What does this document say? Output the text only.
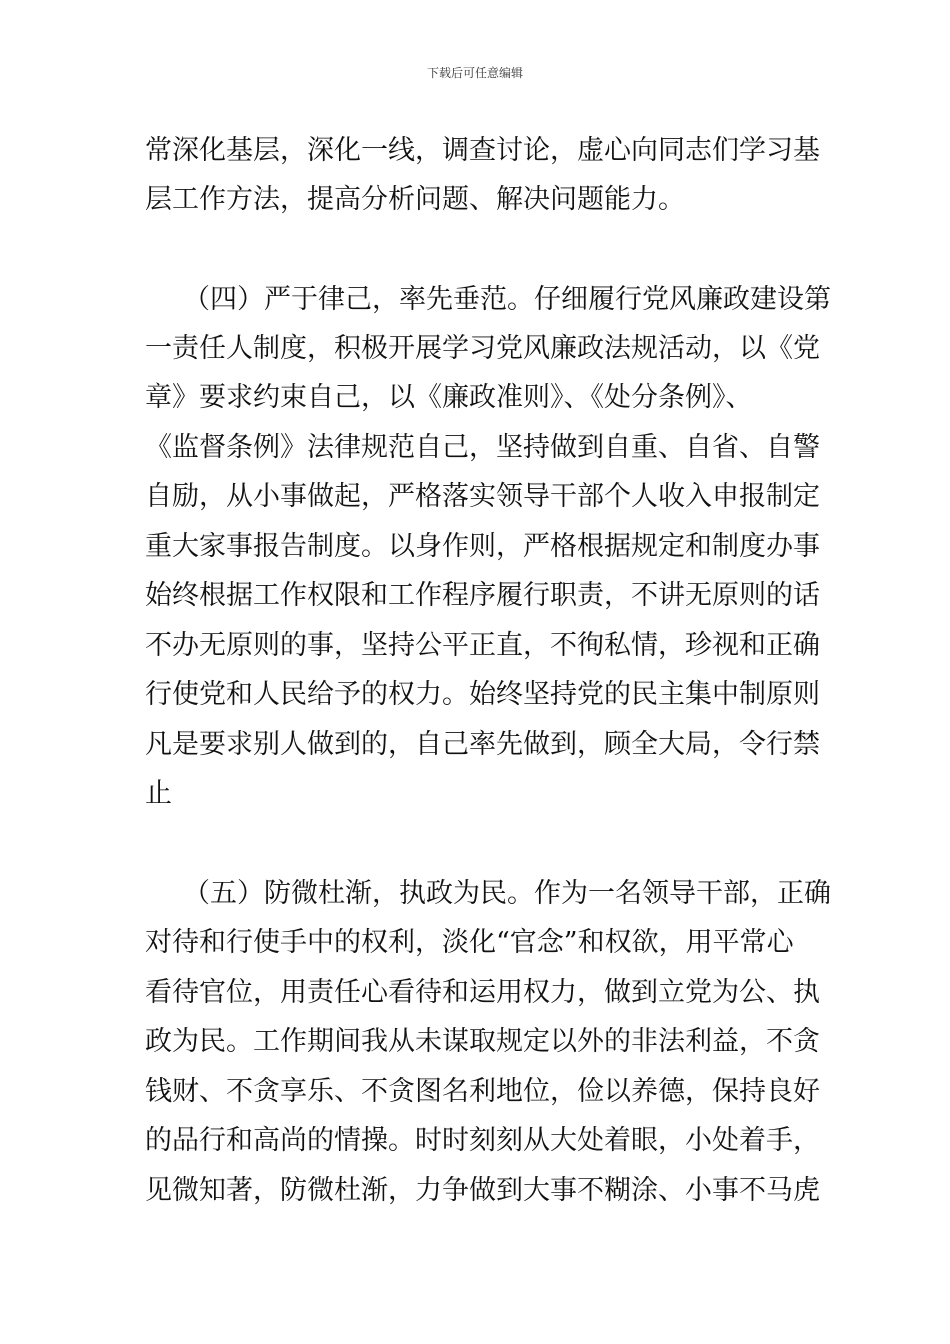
下载后可任意编辑
常深化基层，深化一线，调查讨论，虚心向同志们学习基
层工作方法，提高分析问题、解决问题能力。
（四）严于律己，率先垂范。仔细履行党风廉政建设第
一责任人制度，积极开展学习党风廉政法规活动，以《党
章》要求约束自己，以《廉政准则》、《处分条例》、
《监督条例》法律规范自己，坚持做到自重、自省、自警
自励，从小事做起，严格落实领导干部个人收入申报制定
重大家事报告制度。以身作则，严格根据规定和制度办事
始终根据工作权限和工作程序履行职责，不讲无原则的话
不办无原则的事，坚持公平正直，不徇私情，珍视和正确
行使党和人民给予的权力。始终坚持党的民主集中制原则
凡是要求别人做到的，自己率先做到，顾全大局，令行禁
止
（五）防微杜渐，执政为民。作为一名领导干部，正确
对待和行使手中的权利，淡化“官念”和权欲，用平常心
看待官位，用责任心看待和运用权力，做到立党为公、执
政为民。工作期间我从未谋取规定以外的非法利益，不贪
钱财、不贪享乐、不贪图名利地位，俭以养德，保持良好
的品行和高尚的情操。时时刻刻从大处着眼，小处着手，
见微知著，防微杜渐，力争做到大事不糊涂、小事不马虎
